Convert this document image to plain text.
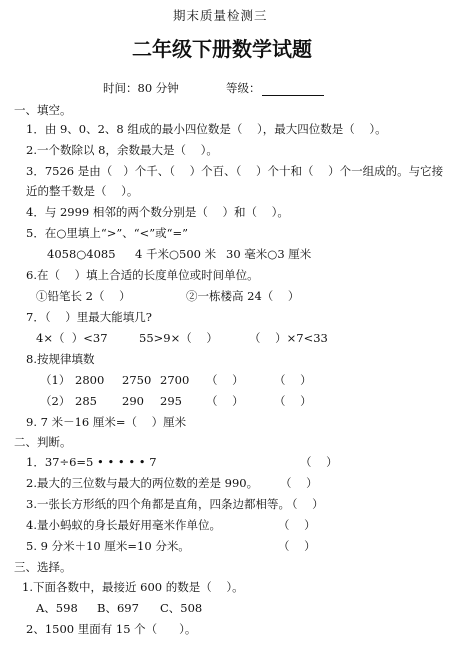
期末质量检测三
二年级下册数学试题
时间：80 分钟	等级：
一、填空。
1．由 9、0、2、8 组成的最小四位数是（    ），最大四位数是（    ）。
2.一个数除以 8，余数最大是（    ）。
3．7526 是由（   ）个千、（    ）个百、（    ）个十和（    ）个一组成的。与它接
近的整千数是（    ）。
4．与 2999 相邻的两个数分别是（    ）和（    ）。
5．在○里填上“>”、“<”或“=”
4058○4085 4 千米○500 米 30 毫米○3 厘米
6.在（    ）填上合适的长度单位或时间单位。
①铅笔长 2（    ）	②一栋楼高 24（    ）
7．（    ）里最大能填几?
4×（  ）<37	55>9×（    ）	（    ）×7<33
8.按规律填数
（1） 2800 2750 2700 （    ）	（    ）
（2） 285 290 295 （    ）	（    ）
9. 7 米－16 厘米=（    ）厘米
二、判断。
1．37÷6=5 • • • • • 7	（    ）
2.最大的三位数与最大的两位数的差是 990。 （    ）
3.一张长方形纸的四个角都是直角，四条边都相等。
（    ）
4.量小蚂蚁的身长最好用毫米作单位。	（    ）
5. 9 分米＋10 厘米=10 分米。	（    ）
三、选择。
1.下面各数中，最接近 600 的数是（    ）。
A、598 B、697 C、508
2、1500 里面有 15 个（      ）。
